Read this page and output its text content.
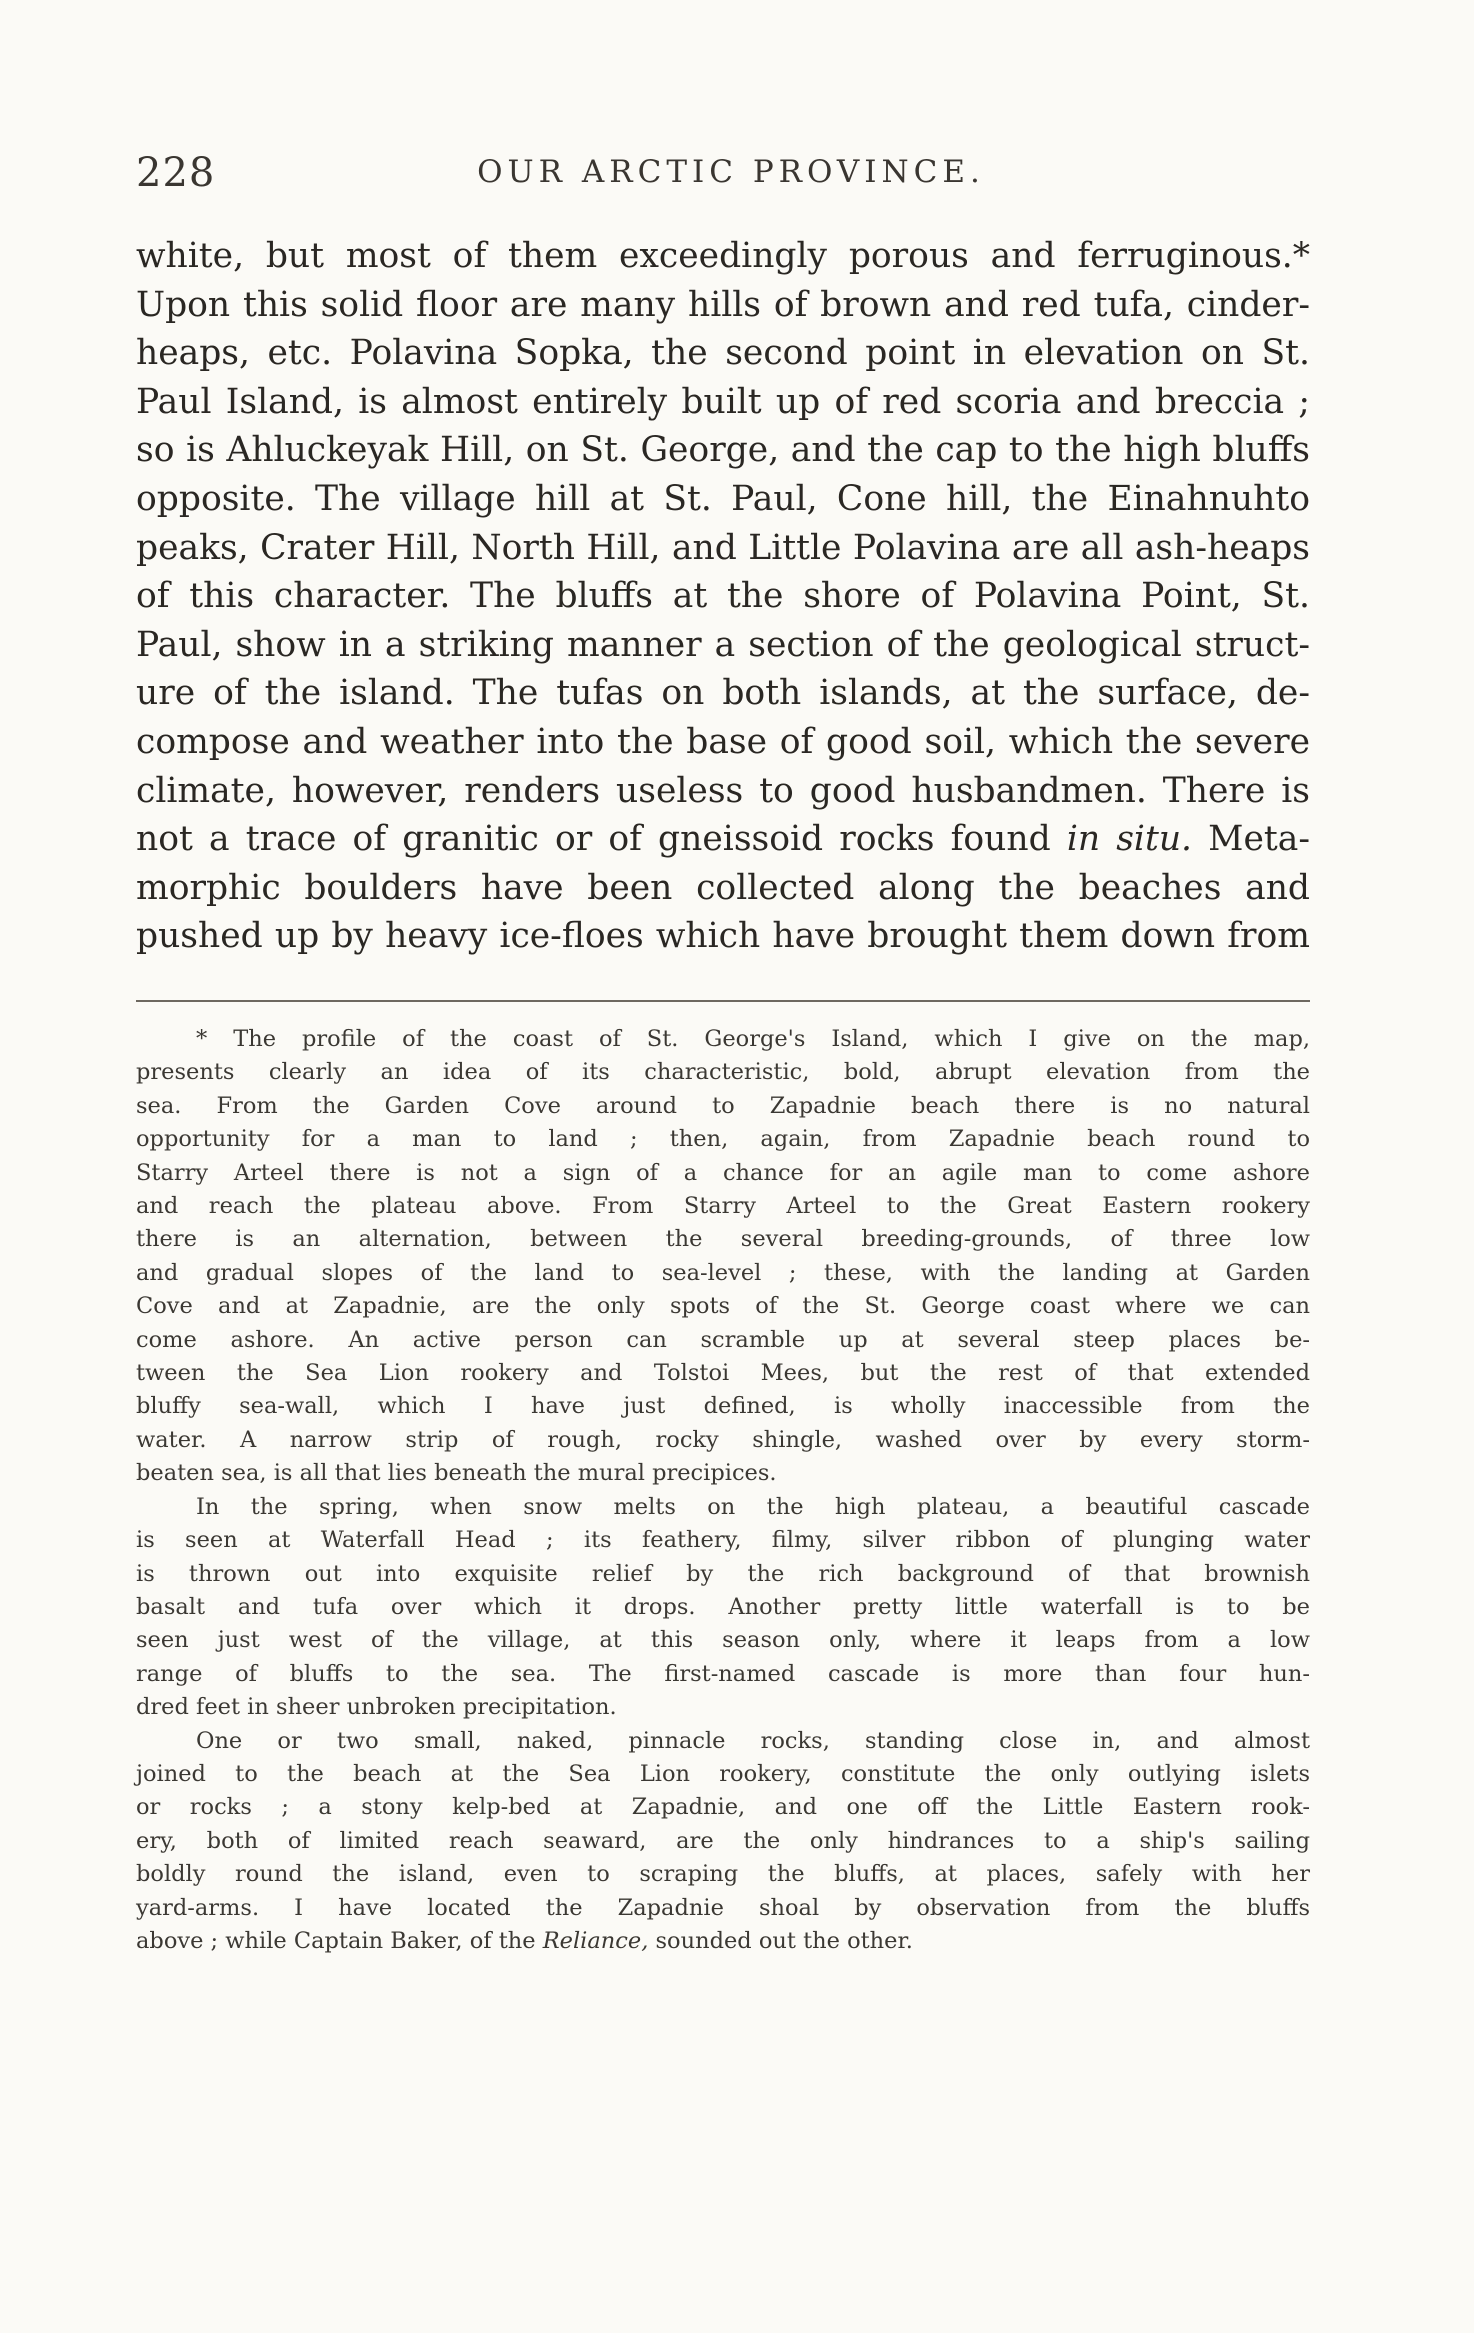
228	OUR ARCTIC PROVINCE.
white, but most of them exceedingly porous and ferruginous.*
Upon this solid floor are many hills of brown and red tufa, cinder-
heaps, etc. Polavina Sopka, the second point in elevation on St.
Paul Island, is almost entirely built up of red scoria and breccia ;
so is Ahluckeyak Hill, on St. George, and the cap to the high bluffs
opposite. The village hill at St. Paul, Cone hill, the Einahnuhto
peaks, Crater Hill, North Hill, and Little Polavina are all ash-heaps
of this character. The bluffs at the shore of Polavina Point, St.
Paul, show in a striking manner a section of the geological struct-
ure of the island. The tufas on both islands, at the surface, de-
compose and weather into the base of good soil, which the severe
climate, however, renders useless to good husbandmen. There is
not a trace of granitic or of gneissoid rocks found in situ. Meta-
morphic boulders have been collected along the beaches and
pushed up by heavy ice-floes which have brought them down from

* The profile of the coast of St. George's Island, which I give on the map,
presents clearly an idea of its characteristic, bold, abrupt elevation from the
sea. From the Garden Cove around to Zapadnie beach there is no natural
opportunity for a man to land ; then, again, from Zapadnie beach round to
Starry Arteel there is not a sign of a chance for an agile man to come ashore
and reach the plateau above. From Starry Arteel to the Great Eastern rookery
there is an alternation, between the several breeding-grounds, of three low
and gradual slopes of the land to sea-level ; these, with the landing at Garden
Cove and at Zapadnie, are the only spots of the St. George coast where we can
come ashore. An active person can scramble up at several steep places be-
tween the Sea Lion rookery and Tolstoi Mees, but the rest of that extended
bluffy sea-wall, which I have just defined, is wholly inaccessible from the
water. A narrow strip of rough, rocky shingle, washed over by every storm-
beaten sea, is all that lies beneath the mural precipices.

In the spring, when snow melts on the high plateau, a beautiful cascade
is seen at Waterfall Head ; its feathery, filmy, silver ribbon of plunging water
is thrown out into exquisite relief by the rich background of that brownish
basalt and tufa over which it drops. Another pretty little waterfall is to be
seen just west of the village, at this season only, where it leaps from a low
range of bluffs to the sea. The first-named cascade is more than four hun-
dred feet in sheer unbroken precipitation.

One or two small, naked, pinnacle rocks, standing close in, and almost
joined to the beach at the Sea Lion rookery, constitute the only outlying islets
or rocks ; a stony kelp-bed at Zapadnie, and one off the Little Eastern rook-
ery, both of limited reach seaward, are the only hindrances to a ship's sailing
boldly round the island, even to scraping the bluffs, at places, safely with her
yard-arms. I have located the Zapadnie shoal by observation from the bluffs
above ; while Captain Baker, of the Reliance, sounded out the other.
